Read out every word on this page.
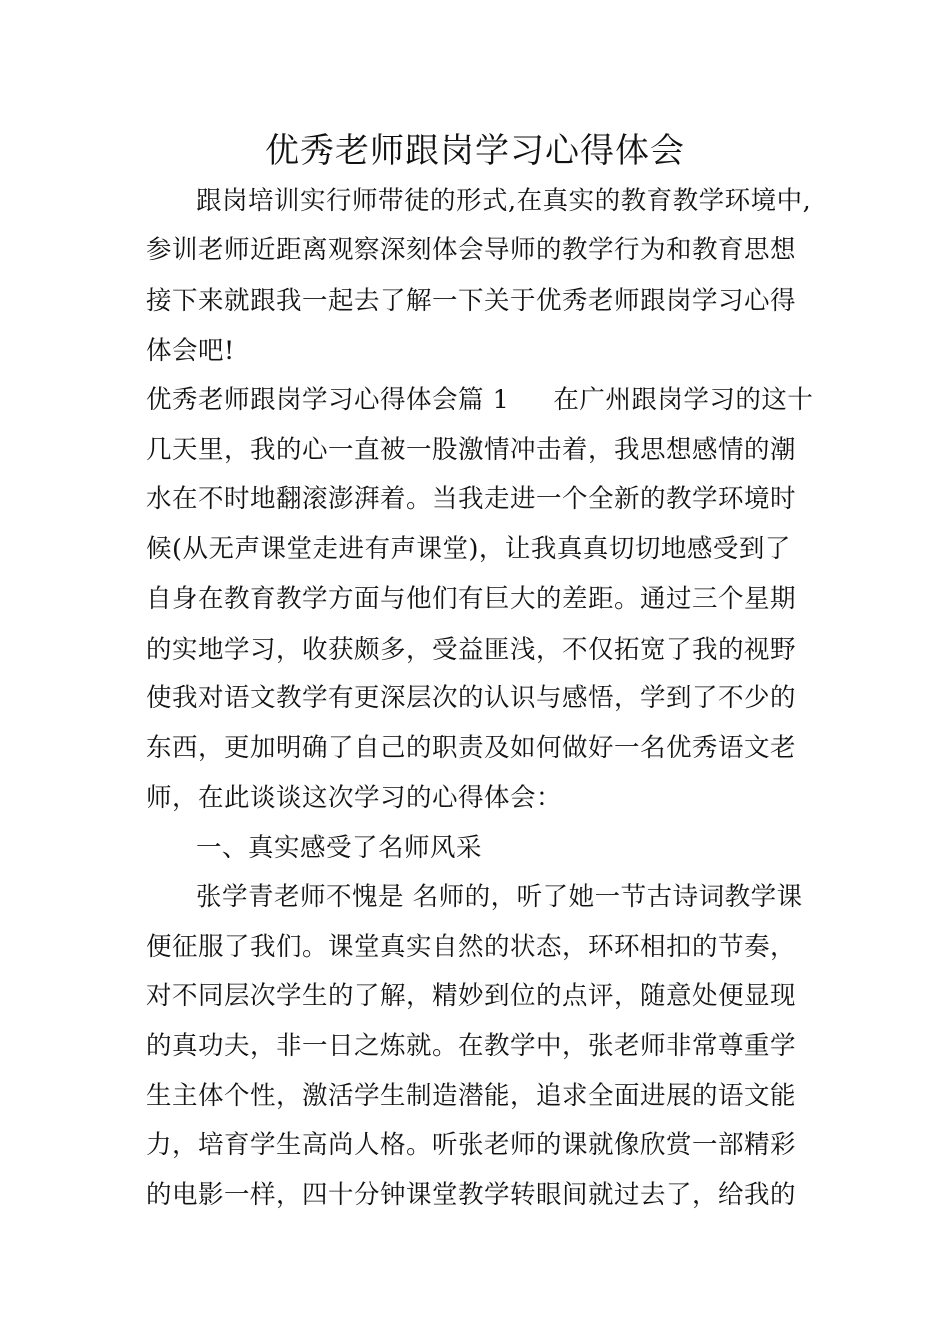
优秀老师跟岗学习心得体会
跟岗培训实行师带徒的形式,在真实的教育教学环境中,
参训老师近距离观察深刻体会导师的教学行为和教育思想
接下来就跟我一起去了解一下关于优秀老师跟岗学习心得
体会吧!
优秀老师跟岗学习心得体会篇 1 在广州跟岗学习的这十
几天里，我的心一直被一股激情冲击着，我思想感情的潮
水在不时地翻滚澎湃着。当我走进一个全新的教学环境时
候(从无声课堂走进有声课堂)，让我真真切切地感受到了
自身在教育教学方面与他们有巨大的差距。通过三个星期
的实地学习，收获颇多，受益匪浅，不仅拓宽了我的视野
使我对语文教学有更深层次的认识与感悟，学到了不少的
东西，更加明确了自己的职责及如何做好一名优秀语文老
师，在此谈谈这次学习的心得体会：
一、真实感受了名师风采
张学青老师不愧是 名师的，听了她一节古诗词教学课
便征服了我们。课堂真实自然的状态，环环相扣的节奏，
对不同层次学生的了解，精妙到位的点评，随意处便显现
的真功夫，非一日之炼就。在教学中，张老师非常尊重学
生主体个性，激活学生制造潜能，追求全面进展的语文能
力，培育学生高尚人格。听张老师的课就像欣赏一部精彩
的电影一样，四十分钟课堂教学转眼间就过去了，给我的
